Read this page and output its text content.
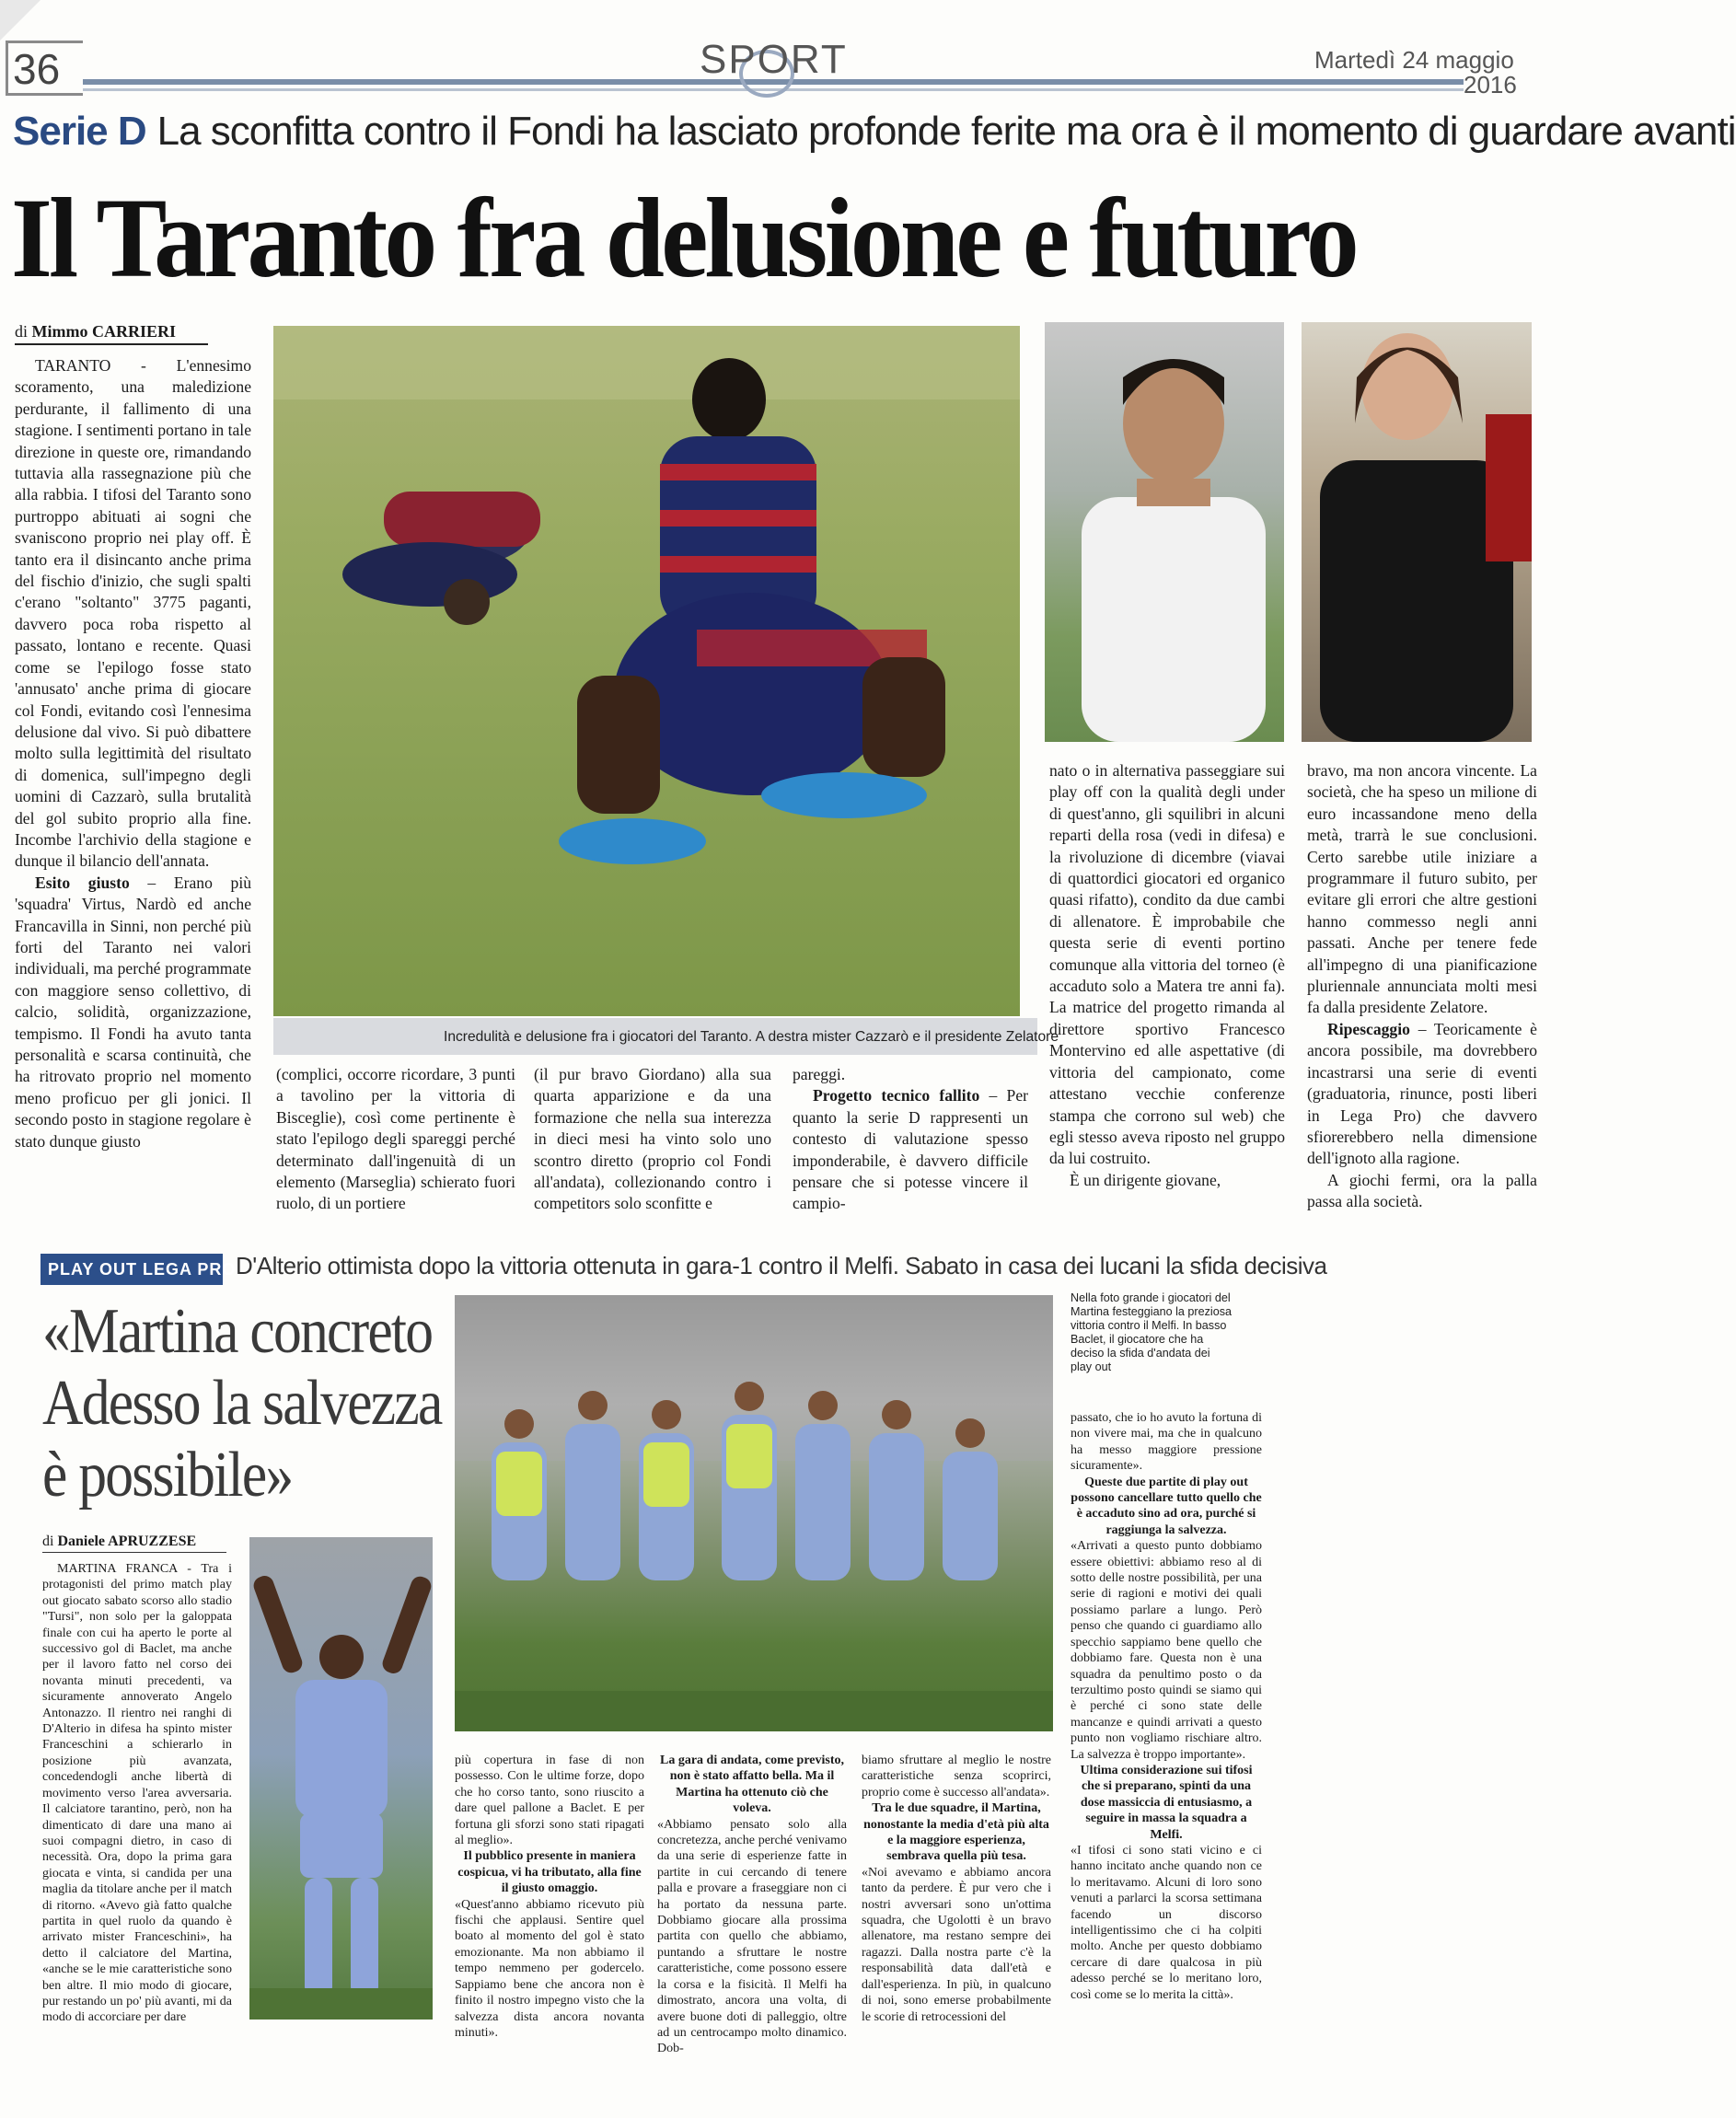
36	SPORT	Martedì 24 maggio
2016
Serie D La sconfitta contro il Fondi ha lasciato profonde ferite ma ora è il momento di guardare avanti
Il Taranto fra delusione e futuro
di Mimmo CARRIERI
Incredulità e delusione fra i giocatori del Taranto. A destra mister Cazzarò e il presidente Zelatore

TARANTO - L'ennesimo scoramento, una maledizione perdurante, il fallimento di una stagione. I sentimenti portano in tale direzione in queste ore, rimandando tuttavia alla rassegnazione più che alla rabbia. I tifosi del Taranto sono purtroppo abituati ai sogni che svaniscono proprio nei play off. È tanto era il disincanto anche prima del fischio d'inizio, che sugli spalti c'erano "soltanto" 3775 paganti, davvero poca roba rispetto al passato, lontano e recente. Quasi come se l'epilogo fosse stato 'annusato' anche prima di giocare col Fondi, evitando così l'ennesima delusione dal vivo. Si può dibattere molto sulla legittimità del risultato di domenica, sull'impegno degli uomini di Cazzarò, sulla brutalità del gol subito proprio alla fine. Incombe l'archivio della stagione e dunque il bilancio dell'annata.

Esito giusto – Erano più 'squadra' Virtus, Nardò ed anche Francavilla in Sinni, non perché più forti del Taranto nei valori individuali, ma perché programmate con maggiore senso collettivo, di calcio, solidità, organizzazione, tempismo. Il Fondi ha avuto tanta personalità e scarsa continuità, che ha ritrovato proprio nel momento meno proficuo per gli jonici. Il secondo posto in stagione regolare è stato dunque giusto

(complici, occorre ricordare, 3 punti a tavolino per la vittoria di Bisceglie), così come pertinente è stato l'epilogo degli spareggi perché determinato dall'ingenuità di un elemento (Marseglia) schierato fuori ruolo, di un portiere

(il pur bravo Giordano) alla sua quarta apparizione e da una formazione che nella sua interezza in dieci mesi ha vinto solo uno scontro diretto (proprio col Fondi all'andata), collezionando contro i competitors solo sconfitte e

pareggi.

Progetto tecnico fallito – Per quanto la serie D rappresenti un contesto di valutazione spesso imponderabile, è davvero difficile pensare che si potesse vincere il campio-

nato o in alternativa passeggiare sui play off con la qualità degli under di quest'anno, gli squilibri in alcuni reparti della rosa (vedi in difesa) e la rivoluzione di dicembre (viavai di quattordici giocatori ed organico quasi rifatto), condito da due cambi di allenatore. È improbabile che questa serie di eventi portino comunque alla vittoria del torneo (è accaduto solo a Matera tre anni fa). La matrice del progetto rimanda al direttore sportivo Francesco Montervino ed alle aspettative (di vittoria del campionato, come attestano vecchie conferenze stampa che corrono sul web) che egli stesso aveva riposto nel gruppo da lui costruito.

È un dirigente giovane,

bravo, ma non ancora vincente. La società, che ha speso un milione di euro incassandone meno della metà, trarrà le sue conclusioni. Certo sarebbe utile iniziare a programmare il futuro subito, per evitare gli errori che altre gestioni hanno commesso negli anni passati. Anche per tenere fede all'impegno di una pianificazione pluriennale annunciata molti mesi fa dalla presidente Zelatore.

Ripescaggio – Teoricamente è ancora possibile, ma dovrebbero incastrarsi una serie di eventi (graduatoria, rinunce, posti liberi in Lega Pro) che davvero sfiorerebbero nella dimensione dell'ignoto alla ragione.

A giochi fermi, ora la palla passa alla società.

PLAY OUT LEGA PRO D'Alterio ottimista dopo la vittoria ottenuta in gara-1 contro il Melfi. Sabato in casa dei lucani la sfida decisiva
«Martina concreto
Adesso la salvezza
è possibile»
di Daniele APRUZZESE
Nella foto grande i giocatori del Martina festeggiano la preziosa vittoria contro il Melfi. In basso Baclet, il giocatore che ha deciso la sfida d'andata dei play out

MARTINA FRANCA - Tra i protagonisti del primo match play out giocato sabato scorso allo stadio "Tursi", non solo per la galoppata finale con cui ha aperto le porte al successivo gol di Baclet, ma anche per il lavoro fatto nel corso dei novanta minuti precedenti, va sicuramente annoverato Angelo Antonazzo. Il rientro nei ranghi di D'Alterio in difesa ha spinto mister Franceschini a schierarlo in posizione più avanzata, concedendogli anche libertà di movimento verso l'area avversaria. Il calciatore tarantino, però, non ha dimenticato di dare una mano ai suoi compagni dietro, in caso di necessità. Ora, dopo la prima gara giocata e vinta, si candida per una maglia da titolare anche per il match di ritorno. «Avevo già fatto qualche partita in quel ruolo da quando è arrivato mister Franceschini», ha detto il calciatore del Martina, «anche se le mie caratteristiche sono ben altre. Il mio modo di giocare, pur restando un po' più avanti, mi da modo di accorciare per dare

più copertura in fase di non possesso. Con le ultime forze, dopo che ho corso tanto, sono riuscito a dare quel pallone a Baclet. E per fortuna gli sforzi sono stati ripagati al meglio».

Il pubblico presente in maniera cospicua, vi ha tributato, alla fine il giusto omaggio.

«Quest'anno abbiamo ricevuto più fischi che applausi. Sentire quel boato al momento del gol è stato emozionante. Ma non abbiamo il tempo nemmeno per godercelo. Sappiamo bene che ancora non è finito il nostro impegno visto che la salvezza dista ancora novanta minuti».

La gara di andata, come previsto, non è stato affatto bella. Ma il Martina ha ottenuto ciò che voleva.

«Abbiamo pensato solo alla concretezza, anche perché venivamo da una serie di esperienze fatte in partite in cui cercando di tenere palla e provare a fraseggiare non ci ha portato da nessuna parte. Dobbiamo giocare alla prossima partita con quello che abbiamo, puntando a sfruttare le nostre caratteristiche, come possono essere la corsa e la fisicità. Il Melfi ha dimostrato, ancora una volta, di avere buone doti di palleggio, oltre ad un centrocampo molto dinamico. Dob-

biamo sfruttare al meglio le nostre caratteristiche senza scoprirci, proprio come è successo all'andata».

Tra le due squadre, il Martina, nonostante la media d'età più alta e la maggiore esperienza, sembrava quella più tesa.

«Noi avevamo e abbiamo ancora tanto da perdere. È pur vero che i nostri avversari sono un'ottima squadra, che Ugolotti è un bravo allenatore, ma restano sempre dei ragazzi. Dalla nostra parte c'è la responsabilità data dall'età e dall'esperienza. In più, in qualcuno di noi, sono emerse probabilmente le scorie di retrocessioni del

passato, che io ho avuto la fortuna di non vivere mai, ma che in qualcuno ha messo maggiore pressione sicuramente».

Queste due partite di play out possono cancellare tutto quello che è accaduto sino ad ora, purché si raggiunga la salvezza.

«Arrivati a questo punto dobbiamo essere obiettivi: abbiamo reso al di sotto delle nostre possibilità, per una serie di ragioni e motivi dei quali possiamo parlare a lungo. Però penso che quando ci guardiamo allo specchio sappiamo bene quello che dobbiamo fare. Questa non è una squadra da penultimo posto o da terzultimo posto quindi se siamo qui è perché ci sono state delle mancanze e quindi arrivati a questo punto non vogliamo rischiare altro. La salvezza è troppo importante».

Ultima considerazione sui tifosi che si preparano, spinti da una dose massiccia di entusiasmo, a seguire in massa la squadra a Melfi.

«I tifosi ci sono stati vicino e ci hanno incitato anche quando non ce lo meritavamo. Alcuni di loro sono venuti a parlarci la scorsa settimana facendo un discorso intelligentissimo che ci ha colpiti molto. Anche per questo dobbiamo cercare di dare qualcosa in più adesso perché se lo meritano loro, così come se lo merita la città».
